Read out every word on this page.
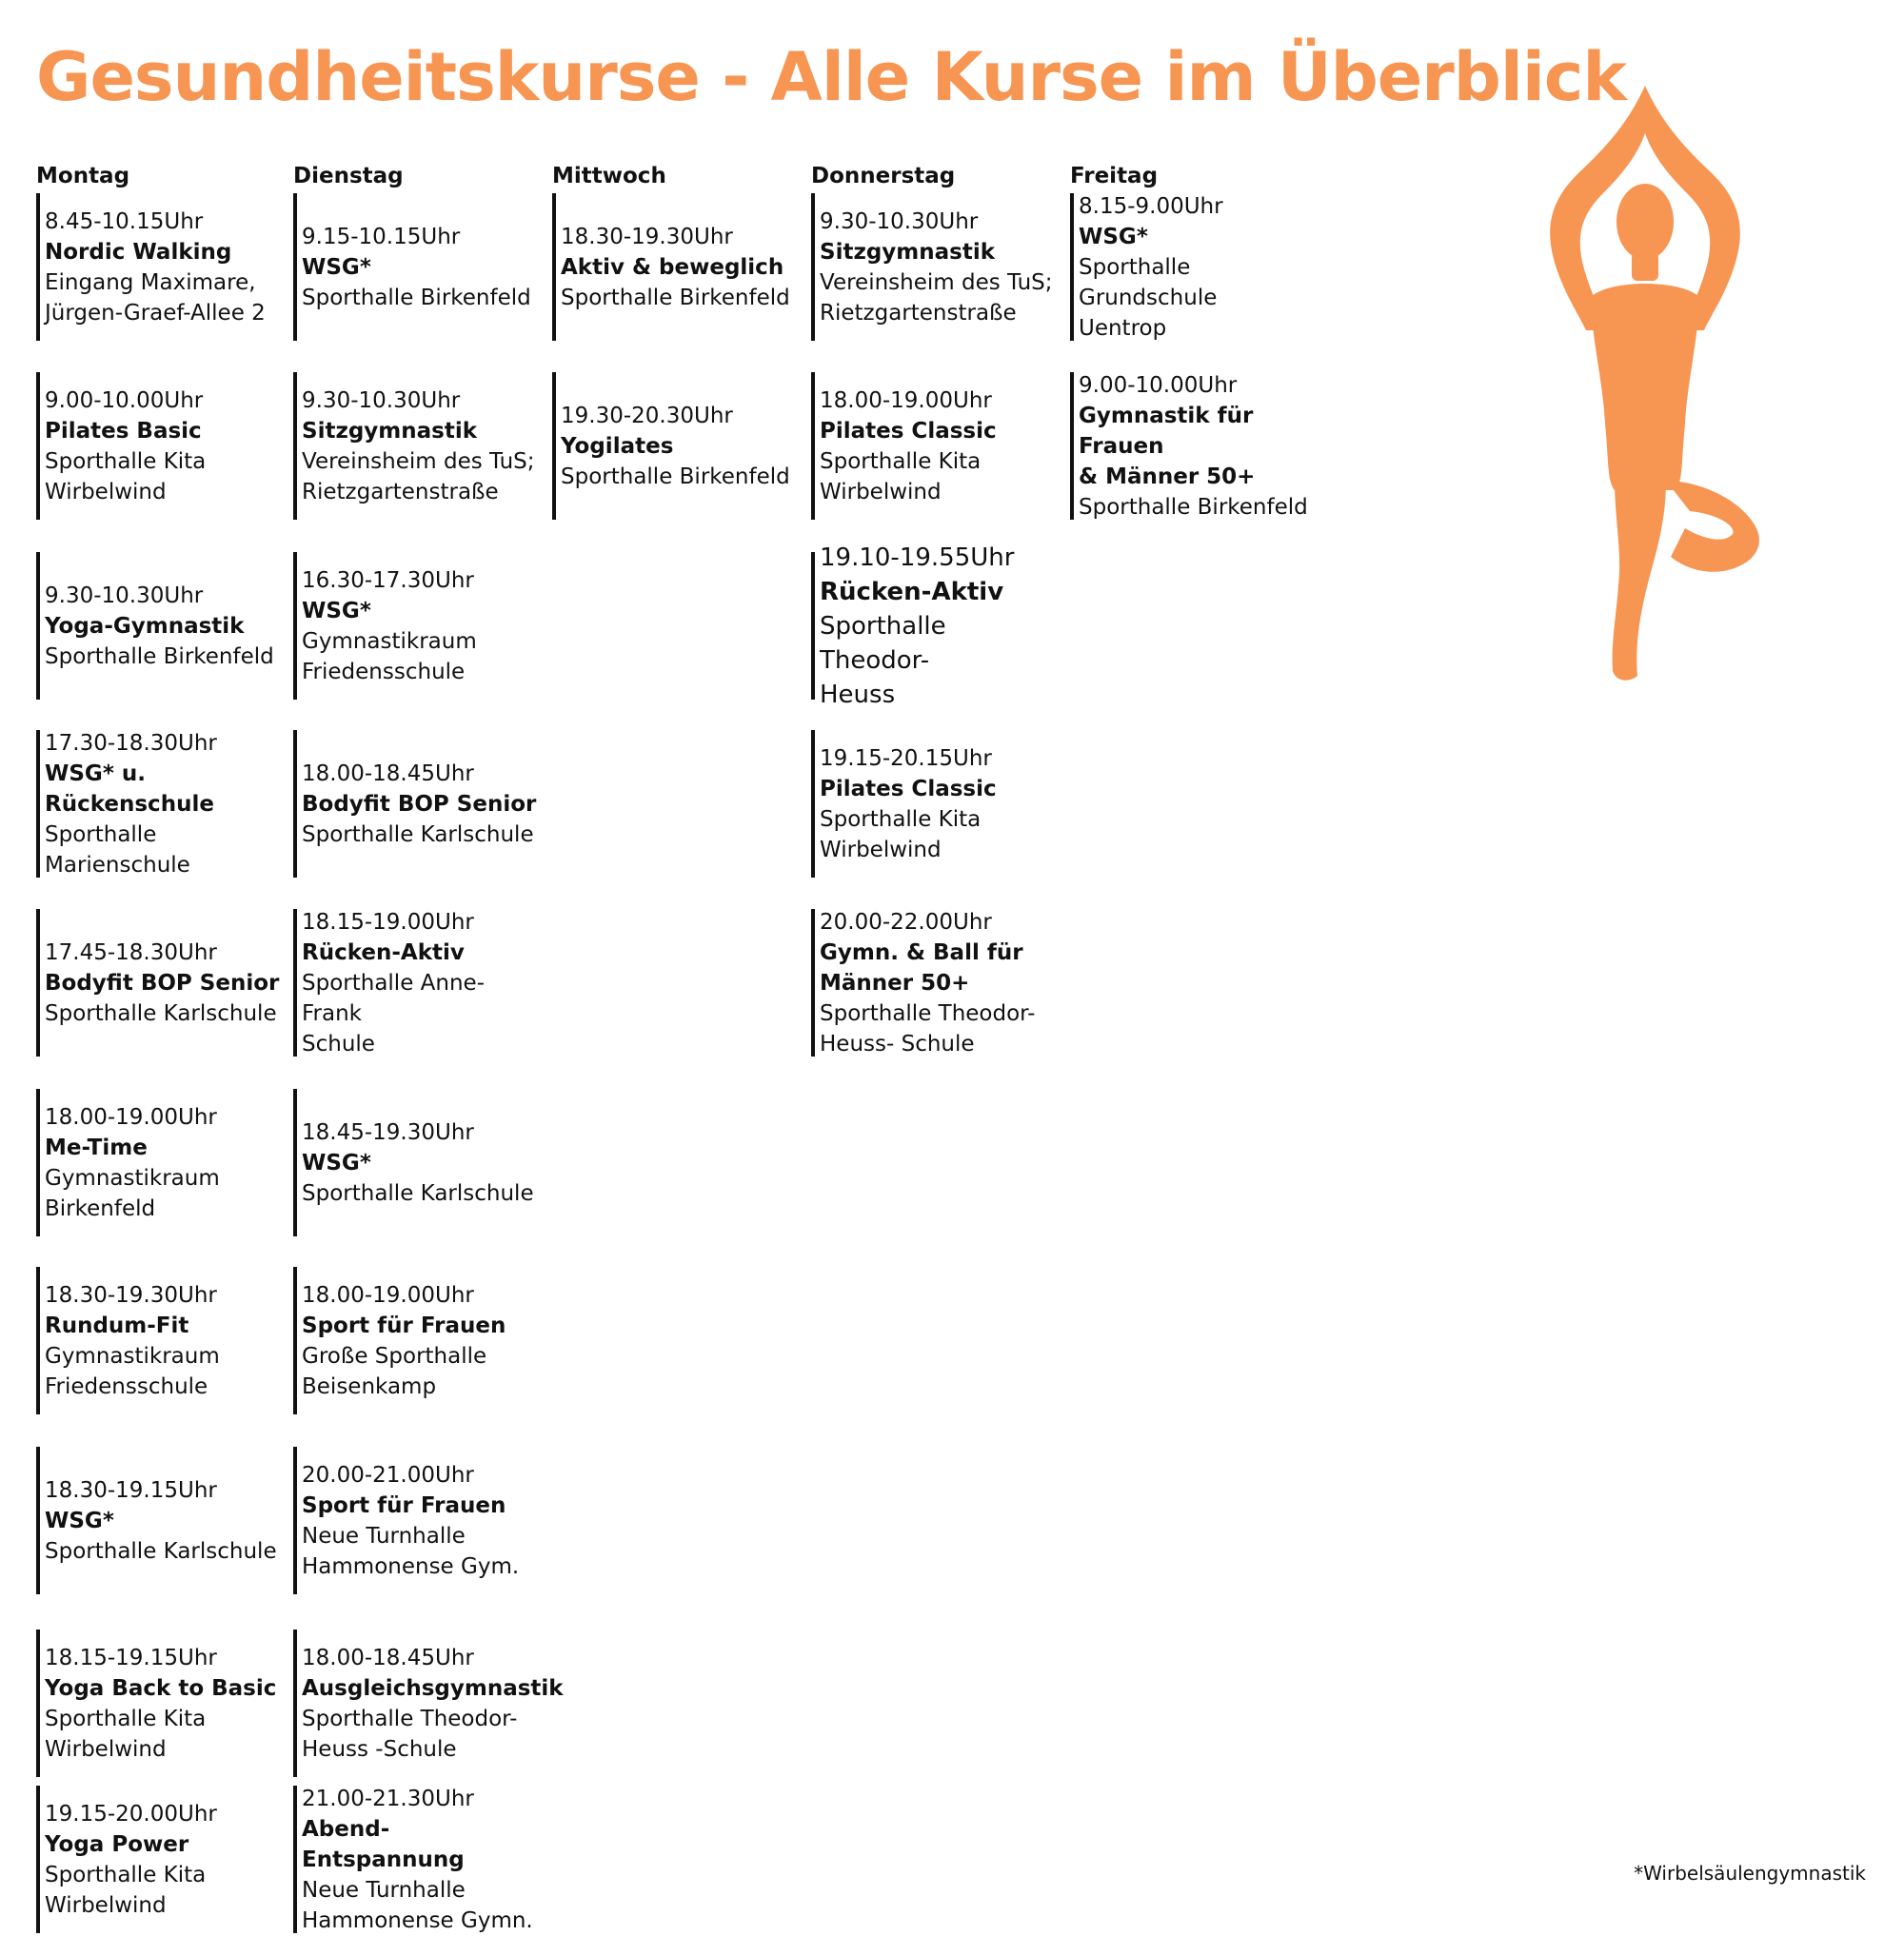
Gesundheitskurse - Alle Kurse im Überblick
Montag
8.45-10.15Uhr
Nordic Walking
Eingang Maximare,
Jürgen-Graef-Allee 2
9.00-10.00Uhr
Pilates Basic
Sporthalle Kita
Wirbelwind
9.30-10.30Uhr
Yoga-Gymnastik
Sporthalle Birkenfeld
17.30-18.30Uhr
WSG* u.
Rückenschule
Sporthalle
Marienschule
17.45-18.30Uhr
Bodyfit BOP Senior
Sporthalle Karlschule
18.00-19.00Uhr
Me-Time
Gymnastikraum
Birkenfeld
18.30-19.30Uhr
Rundum-Fit
Gymnastikraum
Friedensschule
18.30-19.15Uhr
WSG*
Sporthalle Karlschule
18.15-19.15Uhr
Yoga Back to Basic
Sporthalle Kita
Wirbelwind
19.15-20.00Uhr
Yoga Power
Sporthalle Kita
Wirbelwind
Dienstag
9.15-10.15Uhr
WSG*
Sporthalle Birkenfeld
9.30-10.30Uhr
Sitzgymnastik
Vereinsheim des TuS;
Rietzgartenstraße
16.30-17.30Uhr
WSG*
Gymnastikraum
Friedensschule
18.00-18.45Uhr
Bodyfit BOP Senior
Sporthalle Karlschule
18.15-19.00Uhr
Rücken-Aktiv
Sporthalle Anne-Frank
Schule
18.45-19.30Uhr
WSG*
Sporthalle Karlschule
18.00-19.00Uhr
Sport für Frauen
Große Sporthalle
Beisenkamp
20.00-21.00Uhr
Sport für Frauen
Neue Turnhalle
Hammonense Gym.
18.00-18.45Uhr
Ausgleichsgymnastik
Sporthalle Theodor-
Heuss -Schule
21.00-21.30Uhr
Abend-Entspannung
Neue Turnhalle
Hammonense Gymn.
Mittwoch
18.30-19.30Uhr
Aktiv & beweglich
Sporthalle Birkenfeld
19.30-20.30Uhr
Yogilates
Sporthalle Birkenfeld
Donnerstag
9.30-10.30Uhr
Sitzgymnastik
Vereinsheim des TuS;
Rietzgartenstraße
18.00-19.00Uhr
Pilates Classic
Sporthalle Kita
Wirbelwind
19.10-19.55Uhr
Rücken-Aktiv
Sporthalle Theodor-
Heuss
19.15-20.15Uhr
Pilates Classic
Sporthalle Kita
Wirbelwind
20.00-22.00Uhr
Gymn. & Ball für
Männer 50+
Sporthalle Theodor-
Heuss- Schule
Freitag
8.15-9.00Uhr
WSG*
Sporthalle Grundschule
Uentrop
9.00-10.00Uhr
Gymnastik für Frauen
& Männer 50+
Sporthalle Birkenfeld
*Wirbelsäulengymnastik
